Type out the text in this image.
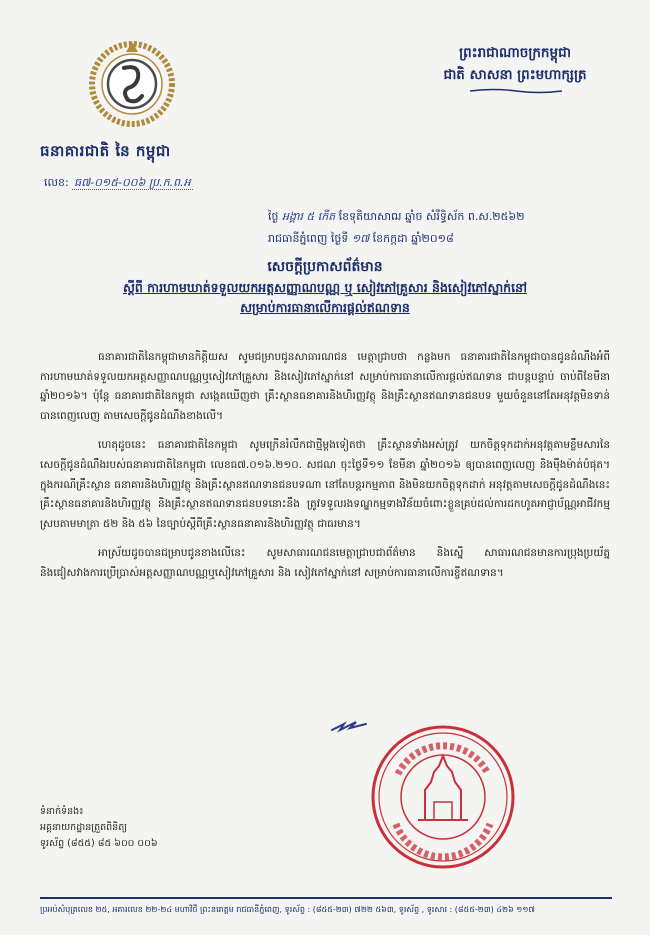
ធនាគារជាតិ នៃ កម្ពុជា
លេខ: ធ៧-០១៥-០០៦ ប្រ.ក.ព.អ
ព្រះរាជាណាចក្រកម្ពុជា
ជាតិ សាសនា ព្រះមហាក្សត្រ
ថ្ងៃ អង្គារ ៥ កើត ខែទុតិយាសាឍ ឆ្នាំច សំរឹទ្ធិស័ក ព.ស.២៥៦២
រាជធានីភ្នំពេញ ថ្ងៃទី ១៧ ខែកក្កដា ឆ្នាំ២០១៨
សេចក្តីប្រកាសព័ត៌មាន
ស្តីពី ការហាមឃាត់ទទួលយកអត្តសញ្ញាណបណ្ណ ឬ សៀវភៅគ្រួសារ និងសៀវភៅស្នាក់នៅ
សម្រាប់ការធានាលើការផ្តល់ឥណទាន

ធនាគារជាតិនៃកម្ពុជាមានកិត្តិយស សូមជម្រាបជូនសាធារណជន មេត្តាជ្រាបថា កន្លងមក ធនាគារជាតិនៃកម្ពុជាបានជូនដំណឹងអំពីការហាមឃាត់ទទួលយកអត្តសញ្ញាណបណ្ណឬសៀវភៅគ្រួសារ និងសៀវភៅស្នាក់នៅ សម្រាប់ការធានាលើការផ្តល់ឥណទាន ជាបន្តបន្ទាប់ ចាប់ពីខែមីនា ឆ្នាំ២០១៦។ ប៉ុន្តែ ធនាគារជាតិនៃកម្ពុជា សង្កេតឃើញថា គ្រឹះស្ថានធនាគារនិងហិរញ្ញវត្ថុ និងគ្រឹះស្ថានឥណទានជនបទ មួយចំនួននៅតែអនុវត្តមិនទាន់បានពេញលេញ តាមសេចក្តីជូនដំណឹងខាងលើ។

ហេតុដូចនេះ ធនាគារជាតិនៃកម្ពុជា សូមក្រើនរំលឹកជាថ្មីម្តងទៀតថា គ្រឹះស្ថានទាំងអស់ត្រូវ យកចិត្តទុកដាក់អនុវត្តតាមខ្លឹមសារនៃសេចក្តីជូនដំណឹងរបស់ធនាគារជាតិនៃកម្ពុជា លេខធ៧.០១៦.២១០. សជណ ចុះថ្ងៃទី១១ ខែមីនា ឆ្នាំ២០១៦ ឲ្យបានពេញលេញ និងម៉ឺងម៉ាត់បំផុត។ ក្នុងករណីគ្រឹះស្ថាន ធនាគារនិងហិរញ្ញវត្ថុ និងគ្រឹះស្ថានឥណទានជនបទណា នៅតែបន្តរកម្មភាព និងមិនយកចិត្តទុកដាក់ អនុវត្តតាមសេចក្តីជូនដំណឹងនេះ គ្រឹះស្ថានធនាគារនិងហិរញ្ញវត្ថុ និងគ្រឹះស្ថានឥណទានជនបទនោះនឹង ត្រូវទទួលរងទណ្ឌកម្មទាងវិន័យចំពោះខ្លួនគ្រប់ដល់ការដកហូតអាជ្ញាប័ណ្ណអាជីវកម្មស្របតាមមាត្រា ៥២ និង ៥៦ នៃច្បាប់ស្តីពីគ្រឹះស្ថានធនាគារនិងហិរញ្ញវត្ថុ ជាធរមាន។

អាស្រ័យដូចបានជម្រាបជូនខាងលើនេះ សូមសាធារណជនមេត្តាជ្រាបជាព័ត៌មាន និងស្នើ សាធារណជនមានការប្រុងប្រយ័ត្ន និងជៀសវាងការប្រើប្រាស់អត្តសញ្ញាណបណ្ណឬសៀវភៅគ្រួសារ និង សៀវភៅស្នាក់នៅ សម្រាប់ការធានាលើការខ្ចីឥណទាន។

ទំនាក់ទំនង៖
អគ្គនាយកដ្ឋានត្រួតពិនិត្យ
ទូរស័ព្ទ (៨៥៥) ៨៥ ៦០០ ០០៦
ប្រអប់សំបុត្រលេខ ២៥, អគារលេខ ២២-២៤ មហាវិថី ព្រះនរោត្តម រាជធានីភ្នំពេញ, ទូរស័ព្ទ : (៨៥៥-២៣) ៧២២ ៥៦៣, ទូរស័ព្ទ , ទូរសារ : (៨៥៥-២៣) ៤២៦ ១១៧
